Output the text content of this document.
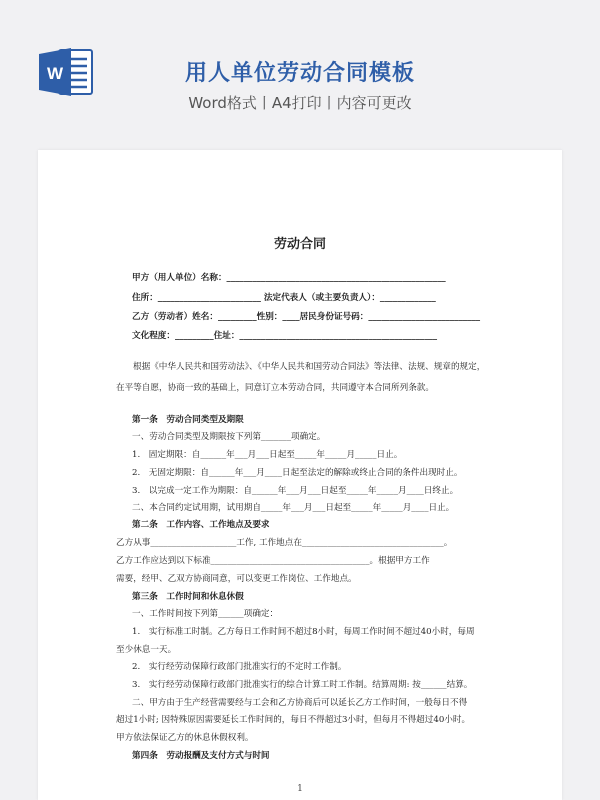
W	用人单位劳动合同模板
Word格式丨A4打印丨内容可更改
劳动合同
甲方（用人单位）名称：___________________________________________________
住所：________________________ 法定代表人（或主要负责人）：_____________
乙方（劳动者）姓名：_________性别：____居民身份证号码：__________________________
文化程度：_________住址：______________________________________________
根据《中华人民共和国劳动法》、《中华人民共和国劳动合同法》等法律、法规、规章的规定，在平等自愿，协商一致的基础上，同意订立本劳动合同，共同遵守本合同所列条款。
第一条　劳动合同类型及期限
一、劳动合同类型及期限按下列第_______项确定。
1.　固定期限：自______年___月___日起至_____年_____月_____日止。
2.　无固定期限：自______年___月____日起至法定的解除或终止合同的条件出现时止。
3.　以完成一定工作为期限：自______年___月___日起至_____年_____月____日终止。
二、本合同约定试用期，试用期自_____年___月___日起至_____年_____月____日止。
第二条　工作内容、工作地点及要求
乙方从事____________________工作, 工作地点在_________________________________。
乙方工作应达到以下标准_____________________________________。根据甲方工作
需要，经甲、乙双方协商同意，可以变更工作岗位、工作地点。
第三条　工作时间和休息休假
一、工作时间按下列第______项确定：
1.　实行标准工时制。乙方每日工作时间不超过8小时，每周工作时间不超过40小时，每周
至少休息一天。
2.　实行经劳动保障行政部门批准实行的不定时工作制。
3.　实行经劳动保障行政部门批准实行的综合计算工时工作制。结算周期: 按______结算。
二、甲方由于生产经营需要经与工会和乙方协商后可以延长乙方工作时间，一般每日不得
超过1小时; 因特殊原因需要延长工作时间的，每日不得超过3小时，但每月不得超过40小时。
甲方依法保证乙方的休息休假权利。
第四条　劳动报酬及支付方式与时间
1
